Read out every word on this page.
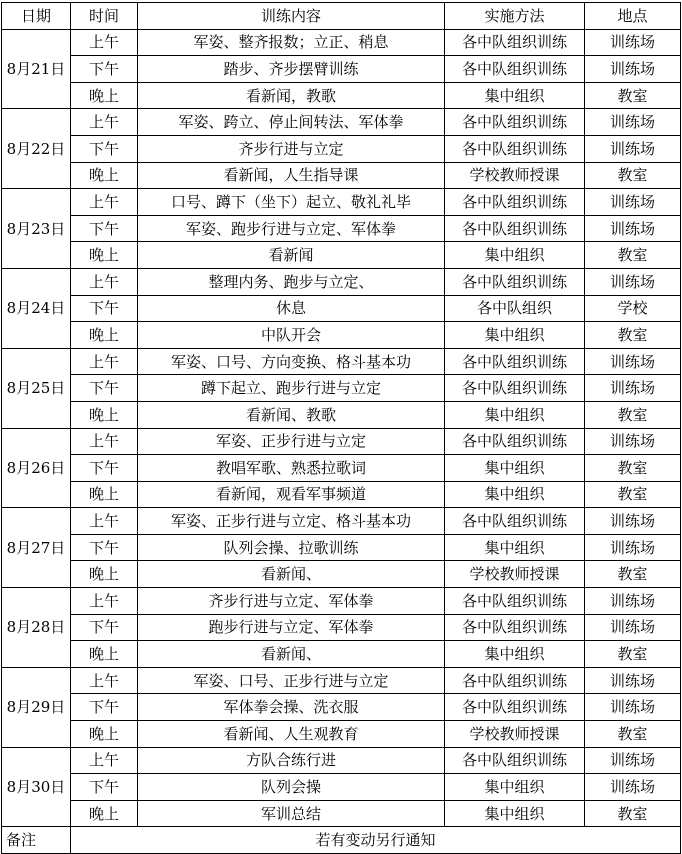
日期	时间	训练内容	实施方法	地点
8月21日	上午	军姿、整齐报数；立正、稍息	各中队组织训练	训练场
	下午	踏步、齐步摆臂训练	各中队组织训练	训练场
	晚上	看新闻，教歌	集中组织	教室
8月22日	上午	军姿、跨立、停止间转法、军体拳	各中队组织训练	训练场
	下午	齐步行进与立定	各中队组织训练	训练场
	晚上	看新闻，人生指导课	学校教师授课	教室
8月23日	上午	口号、蹲下（坐下）起立、敬礼礼毕	各中队组织训练	训练场
	下午	军姿、跑步行进与立定、军体拳	各中队组织训练	训练场
	晚上	看新闻	集中组织	教室
8月24日	上午	整理内务、跑步与立定、	各中队组织训练	训练场
	下午	休息	各中队组织	学校
	晚上	中队开会	集中组织	教室
8月25日	上午	军姿、口号、方向变换、格斗基本功	各中队组织训练	训练场
	下午	蹲下起立、跑步行进与立定	各中队组织训练	训练场
	晚上	看新闻、教歌	集中组织	教室
8月26日	上午	军姿、正步行进与立定	各中队组织训练	训练场
	下午	教唱军歌、熟悉拉歌词	集中组织	教室
	晚上	看新闻，观看军事频道	集中组织	教室
8月27日	上午	军姿、正步行进与立定、格斗基本功	各中队组织训练	训练场
	下午	队列会操、拉歌训练	集中组织	训练场
	晚上	看新闻、	学校教师授课	教室
8月28日	上午	齐步行进与立定、军体拳	各中队组织训练	训练场
	下午	跑步行进与立定、军体拳	各中队组织训练	训练场
	晚上	看新闻、	集中组织	教室
8月29日	上午	军姿、口号、正步行进与立定	各中队组织训练	训练场
	下午	军体拳会操、洗衣服	各中队组织训练	训练场
	晚上	看新闻、人生观教育	学校教师授课	教室
8月30日	上午	方队合练行进	各中队组织训练	训练场
	下午	队列会操	集中组织	训练场
	晚上	军训总结	集中组织	教室
备注	若有变动另行通知			
